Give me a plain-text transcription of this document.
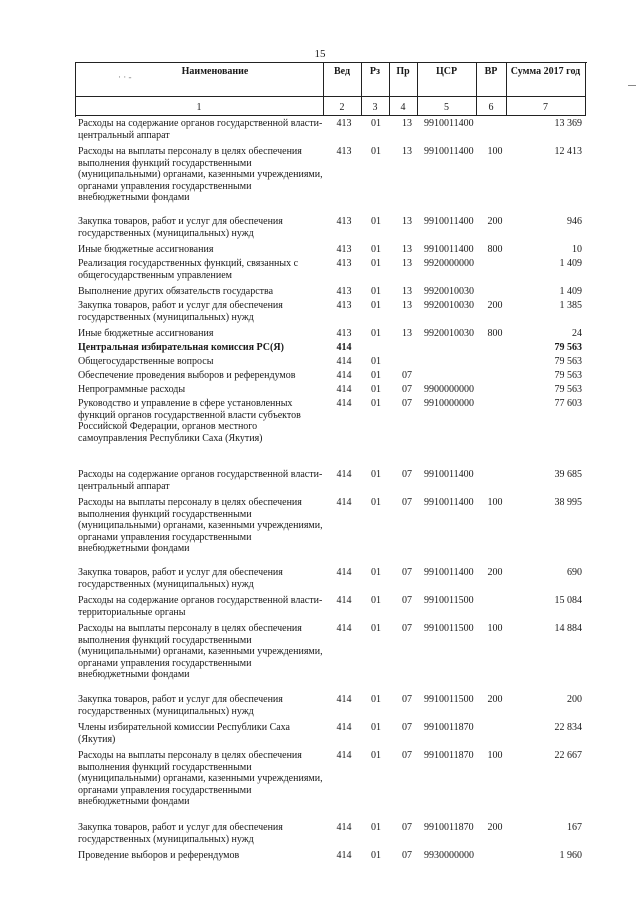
15
· · -	Наименование	Вед	Рз	Пр	ЦСР	ВР	Сумма 2017 год
1	2	3	4	5	6	7
Расходы на содержание органов государственной власти- центральный аппарат
413	01	13	9910011400	13 369
Расходы на выплаты персоналу в целях обеспечения выполнения функций государственными (муниципальными) органами, казенными учреждениями, органами управления государственными внебюджетными фондами
413	01	13	9910011400	100	12 413
Закупка товаров, работ и услуг для обеспечения государственных (муниципальных) нужд
413	01	13	9910011400	200	946
Иные бюджетные ассигнования	413	01	13	9910011400	800	10
Реализация государственных функций, связанных с общегосударственным управлением
413	01	13	9920000000	1 409
Выполнение других обязательств государства	413	01	13	9920010030	1 409
Закупка товаров, работ и услуг для обеспечения государственных (муниципальных) нужд
413	01	13	9920010030	200	1 385
Иные бюджетные ассигнования	413	01	13	9920010030	800	24
Центральная избирательная комиссия РС(Я)	414	79 563
Общегосударственные вопросы	414	01	79 563
Обеспечение проведения выборов и референдумов	414	01	07	79 563
Непрограммные расходы	414	01	07	9900000000	79 563
Руководство и управление в сфере установленных функций органов государственной власти субъектов Российской Федерации, органов местного самоуправления Республики Саха (Якутия)
414	01	07	9910000000	77 603
Расходы на содержание органов государственной власти- центральный аппарат
414	01	07	9910011400	39 685
Расходы на выплаты персоналу в целях обеспечения выполнения функций государственными (муниципальными) органами, казенными учреждениями, органами управления государственными внебюджетными фондами
414	01	07	9910011400	100	38 995
Закупка товаров, работ и услуг для обеспечения государственных (муниципальных) нужд
414	01	07	9910011400	200	690
Расходы на содержание органов государственной власти- территориальные органы
414	01	07	9910011500	15 084
Расходы на выплаты персоналу в целях обеспечения выполнения функций государственными (муниципальными) органами, казенными учреждениями, органами управления государственными внебюджетными фондами
414	01	07	9910011500	100	14 884
Закупка товаров, работ и услуг для обеспечения государственных (муниципальных) нужд
414	01	07	9910011500	200	200
Члены избирательной комиссии Республики Саха (Якутия)
414	01	07	9910011870	22 834
Расходы на выплаты персоналу в целях обеспечения выполнения функций государственными (муниципальными) органами, казенными учреждениями, органами управления государственными внебюджетными фондами
414	01	07	9910011870	100	22 667
Закупка товаров, работ и услуг для обеспечения государственных (муниципальных) нужд
414	01	07	9910011870	200	167
Проведение выборов и референдумов	414	01	07	9930000000	1 960
